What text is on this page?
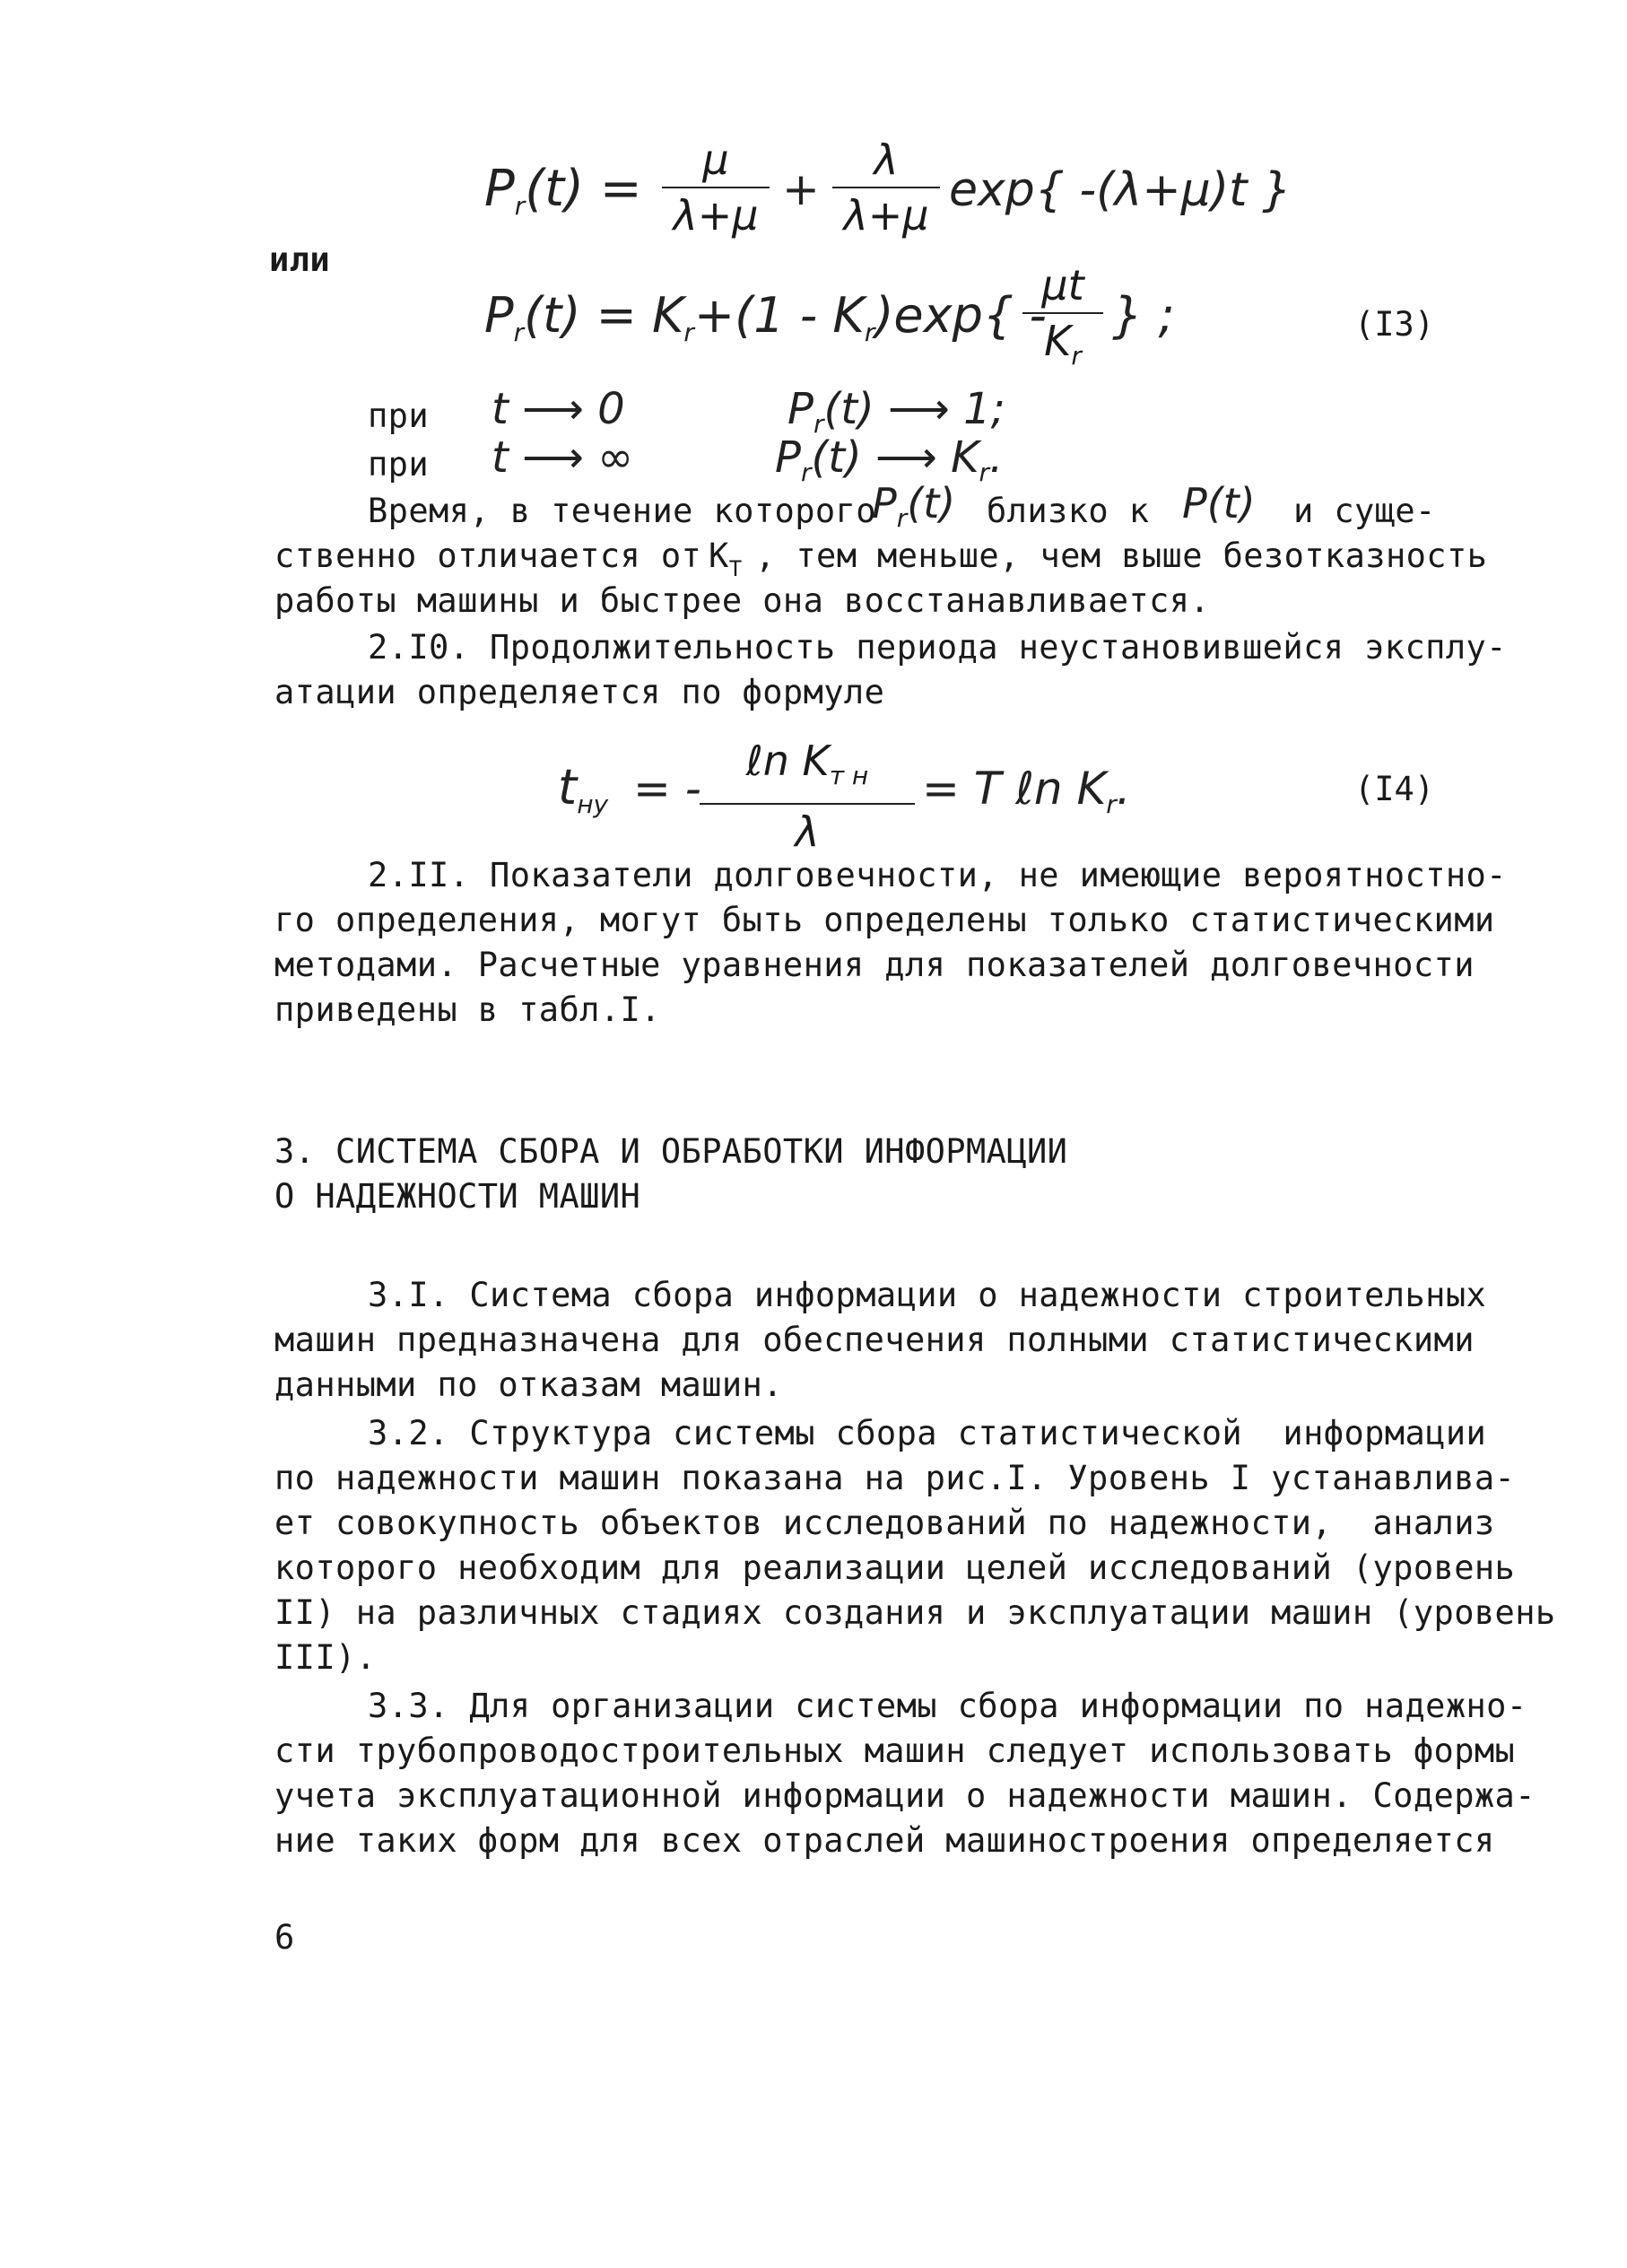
$P_r(t)$ =	μ
λ+μ +
λ
λ+μ exp{ -(λ+μ)t }
или
$P_r(t) = K_r+(1 - K_r)\exp${ -
μt
$K_r$
} ;	(I3)
при t ⟶ 0	$P_r(t)$ ⟶ 1;
при t ⟶ ∞	$P_r(t)$ ⟶ $K_r$.
Время, в течение которого
$P_r(t)$ близко к P(t) и суще-
ственно отличается от $К_Т$ , тем меньше, чем выше безотказность
работы машины и быстрее она восстанавливается.
2.I0. Продолжительность периода неустановившейся эксплу-
атации определяется по формуле
$t_{нy}$ = -
ℓn $K_{т н}$
λ
= T ℓn $K_r$.	(I4)
2.II. Показатели долговечности, не имеющие вероятностно-
го определения, могут быть определены только статистическими
методами. Расчетные уравнения для показателей долговечности
приведены в табл.I.
3. СИСТЕМА СБОРА И ОБРАБОТКИ ИНФОРМАЦИИ
О НАДЕЖНОСТИ МАШИН
3.I. Система сбора информации о надежности строительных
машин предназначена для обеспечения полными статистическими
данными по отказам машин.
3.2. Структура системы сбора статистической  информации
по надежности машин показана на рис.I. Уровень I устанавлива-
ет совокупность объектов исследований по надежности,  анализ
которого необходим для реализации целей исследований (уровень
II) на различных стадиях создания и эксплуатации машин (уровень
III).
3.3. Для организации системы сбора информации по надежно-
сти трубопроводостроительных машин следует использовать формы
учета эксплуатационной информации о надежности машин. Содержа-
ние таких форм для всех отраслей машиностроения определяется
6
